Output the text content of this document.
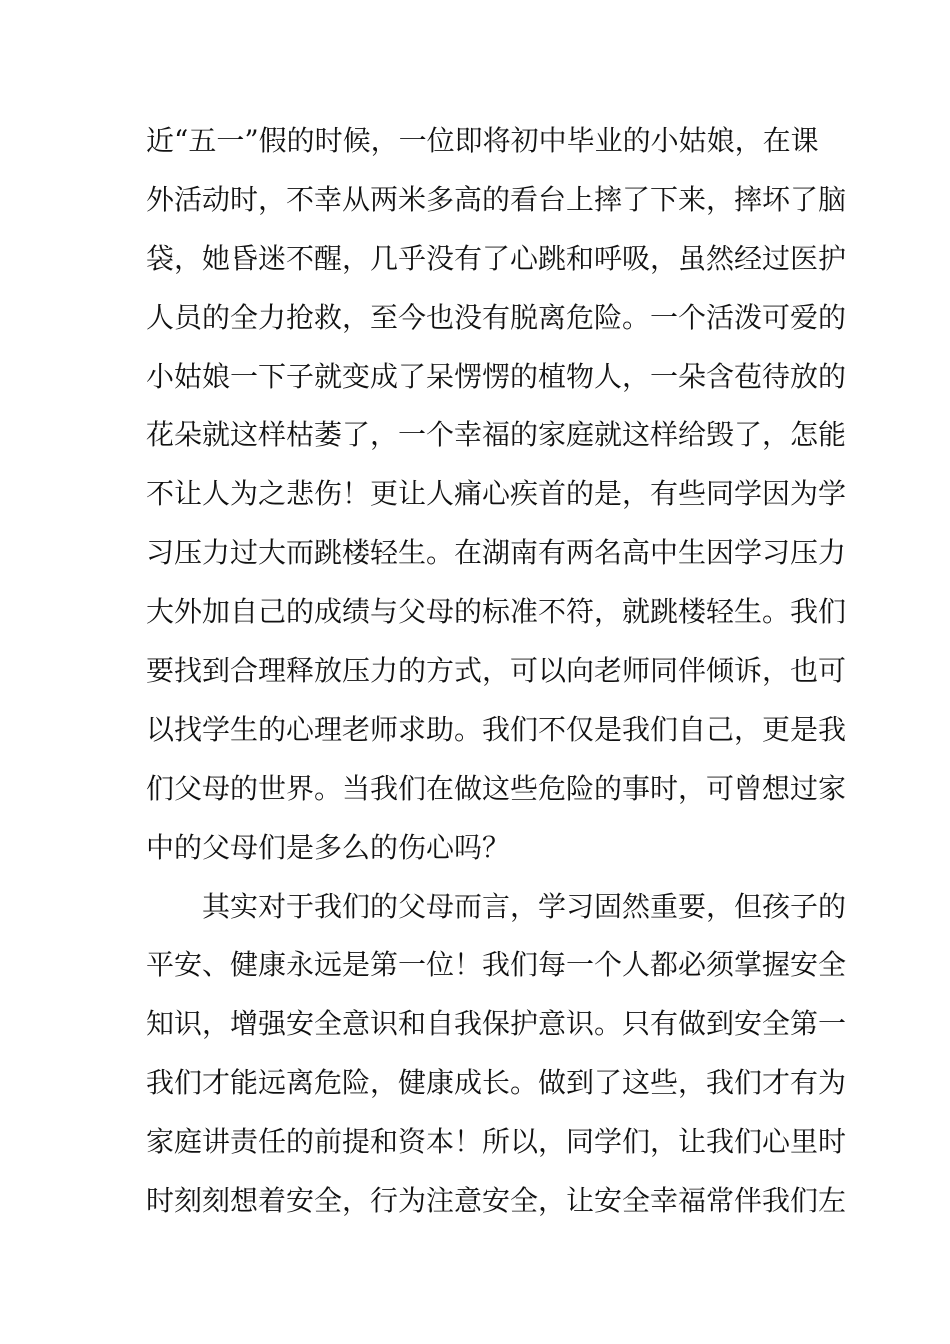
近“五一”假的时候，一位即将初中毕业的小姑娘，在课
外活动时，不幸从两米多高的看台上摔了下来，摔坏了脑
袋，她昏迷不醒，几乎没有了心跳和呼吸，虽然经过医护
人员的全力抢救，至今也没有脱离危险。一个活泼可爱的
小姑娘一下子就变成了呆愣愣的植物人，一朵含苞待放的
花朵就这样枯萎了，一个幸福的家庭就这样给毁了，怎能
不让人为之悲伤！更让人痛心疾首的是，有些同学因为学
习压力过大而跳楼轻生。在湖南有两名高中生因学习压力
大外加自己的成绩与父母的标准不符，就跳楼轻生。我们
要找到合理释放压力的方式，可以向老师同伴倾诉，也可
以找学生的心理老师求助。我们不仅是我们自己，更是我
们父母的世界。当我们在做这些危险的事时，可曾想过家
中的父母们是多么的伤心吗？
其实对于我们的父母而言，学习固然重要，但孩子的
平安、健康永远是第一位！我们每一个人都必须掌握安全
知识，增强安全意识和自我保护意识。只有做到安全第一
我们才能远离危险，健康成长。做到了这些，我们才有为
家庭讲责任的前提和资本！所以，同学们，让我们心里时
时刻刻想着安全，行为注意安全，让安全幸福常伴我们左
